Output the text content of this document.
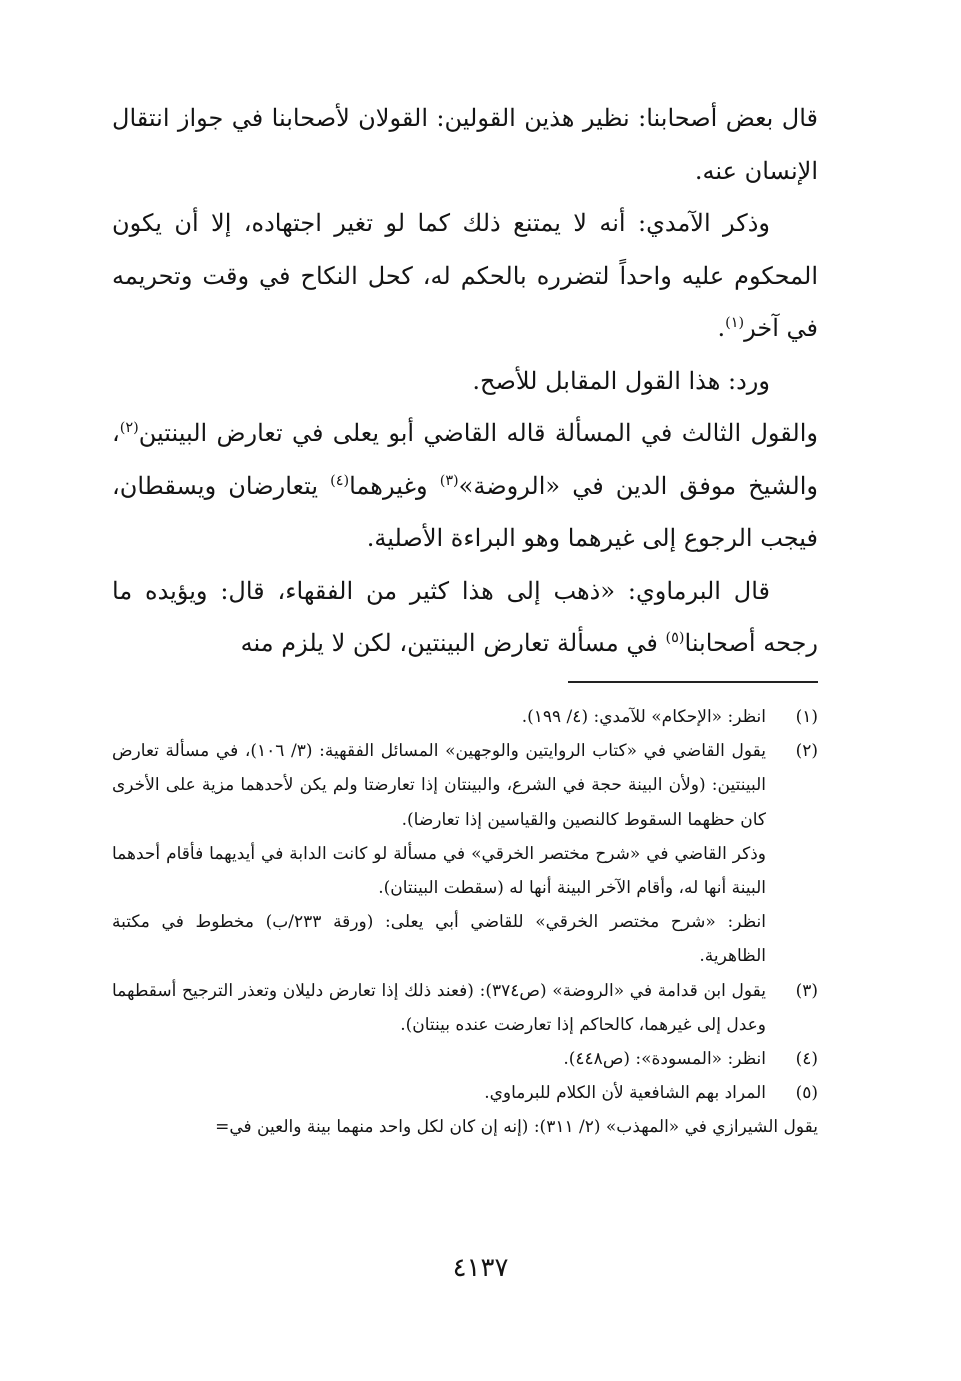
قال بعض أصحابنا: نظير هذين القولين: القولان لأصحابنا في جواز انتقال الإنسان عنه.

وذكر الآمدي: أنه لا يمتنع ذلك كما لو تغير اجتهاده، إلا أن يكون المحكوم عليه واحداً لتضرره بالحكم له، كحل النكاح في وقت وتحريمه في آخر$^{(١)}$.

ورد: هذا القول المقابل للأصح.

والقول الثالث في المسألة قاله القاضي أبو يعلى في تعارض البينتين$^{(٢)}$، والشيخ موفق الدين في «الروضة»$^{(٣)}$ وغيرهما$^{(٤)}$ يتعارضان ويسقطان، فيجب الرجوع إلى غيرهما وهو البراءة الأصلية.

قال البرماوي: «ذهب إلى هذا كثير من الفقهاء، قال: ويؤيده ما رجحه أصحابنا$^{(٥)}$ في مسألة تعارض البينتين، لكن لا يلزم منه

(١)

انظر: «الإحكام» للآمدي: (٤/ ١٩٩).

(٢)

يقول القاضي في «كتاب الروايتين والوجهين» المسائل الفقهية: (٣/ ١٠٦)، في مسألة تعارض البينتين: (ولأن البينة حجة في الشرع، والبينتان إذا تعارضتا ولم يكن لأحدهما مزية على الأخرى كان حظهما السقوط كالنصين والقياسين إذا تعارضا).

وذكر القاضي في «شرح مختصر الخرقي» في مسألة لو كانت الدابة في أيديهما فأقام أحدهما البينة أنها له، وأقام الآخر البينة أنها له (سقطت البينتان).

انظر: «شرح مختصر الخرقي» للقاضي أبي يعلى: (ورقة ٢٣٣/ب) مخطوط في مكتبة الظاهرية.

(٣)

يقول ابن قدامة في «الروضة» (ص٣٧٤): (فعند ذلك إذا تعارض دليلان وتعذر الترجيح أسقطهما وعدل إلى غيرهما، كالحاكم إذا تعارضت عنده بينتان).

(٤)

انظر: «المسودة»: (ص٤٤٨).

(٥)

المراد بهم الشافعية لأن الكلام للبرماوي.

يقول الشيرازي في «المهذب» (٢/ ٣١١): (إنه إن كان لكل واحد منهما بينة والعين في=

٤١٣٧
